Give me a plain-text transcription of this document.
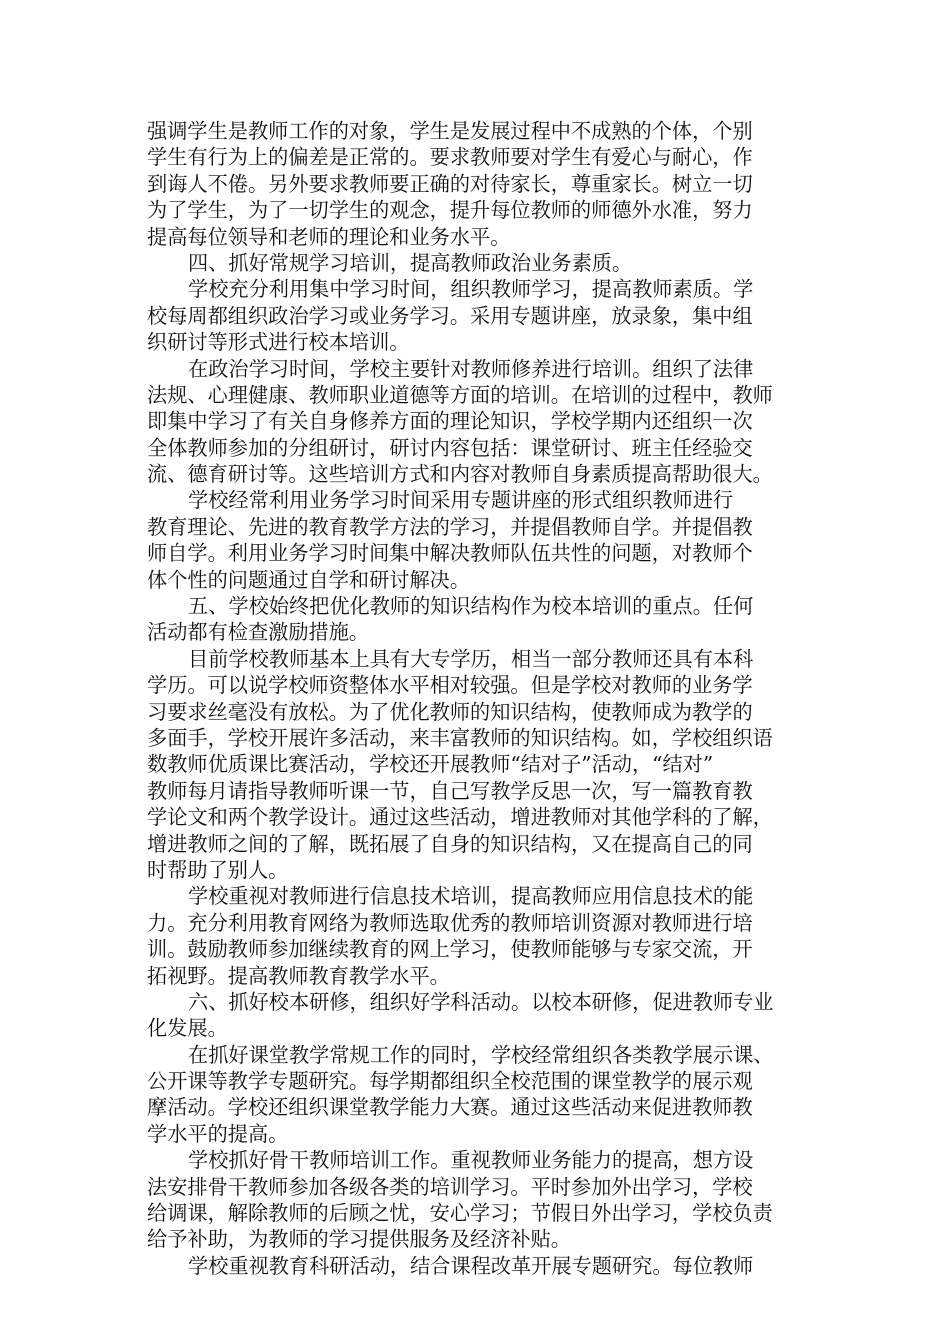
强调学生是教师工作的对象，学生是发展过程中不成熟的个体，个别
学生有行为上的偏差是正常的。要求教师要对学生有爱心与耐心，作
到诲人不倦。另外要求教师要正确的对待家长，尊重家长。树立一切
为了学生，为了一切学生的观念，提升每位教师的师德外水准，努力
提高每位领导和老师的理论和业务水平。
四、抓好常规学习培训，提高教师政治业务素质。
学校充分利用集中学习时间，组织教师学习，提高教师素质。学
校每周都组织政治学习或业务学习。采用专题讲座，放录象，集中组
织研讨等形式进行校本培训。
在政治学习时间，学校主要针对教师修养进行培训。组织了法律
法规、心理健康、教师职业道德等方面的培训。在培训的过程中，教师
即集中学习了有关自身修养方面的理论知识，学校学期内还组织一次
全体教师参加的分组研讨，研讨内容包括：课堂研讨、班主任经验交
流、德育研讨等。这些培训方式和内容对教师自身素质提高帮助很大。
学校经常利用业务学习时间采用专题讲座的形式组织教师进行
教育理论、先进的教育教学方法的学习，并提倡教师自学。并提倡教
师自学。利用业务学习时间集中解决教师队伍共性的问题，对教师个
体个性的问题通过自学和研讨解决。
五、学校始终把优化教师的知识结构作为校本培训的重点。任何
活动都有检查激励措施。
目前学校教师基本上具有大专学历，相当一部分教师还具有本科
学历。可以说学校师资整体水平相对较强。但是学校对教师的业务学
习要求丝毫没有放松。为了优化教师的知识结构，使教师成为教学的
多面手，学校开展许多活动，来丰富教师的知识结构。如，学校组织语
数教师优质课比赛活动，学校还开展教师“结对子”活动，“结对”
教师每月请指导教师听课一节，自己写教学反思一次，写一篇教育教
学论文和两个教学设计。通过这些活动，增进教师对其他学科的了解，
增进教师之间的了解，既拓展了自身的知识结构，又在提高自己的同
时帮助了别人。
学校重视对教师进行信息技术培训，提高教师应用信息技术的能
力。充分利用教育网络为教师选取优秀的教师培训资源对教师进行培
训。鼓励教师参加继续教育的网上学习，使教师能够与专家交流，开
拓视野。提高教师教育教学水平。
六、抓好校本研修，组织好学科活动。以校本研修，促进教师专业
化发展。
在抓好课堂教学常规工作的同时，学校经常组织各类教学展示课、
公开课等教学专题研究。每学期都组织全校范围的课堂教学的展示观
摩活动。学校还组织课堂教学能力大赛。通过这些活动来促进教师教
学水平的提高。
学校抓好骨干教师培训工作。重视教师业务能力的提高，想方设
法安排骨干教师参加各级各类的培训学习。平时参加外出学习，学校
给调课，解除教师的后顾之忧，安心学习；节假日外出学习，学校负责
给予补助，为教师的学习提供服务及经济补贴。
学校重视教育科研活动，结合课程改革开展专题研究。每位教师
